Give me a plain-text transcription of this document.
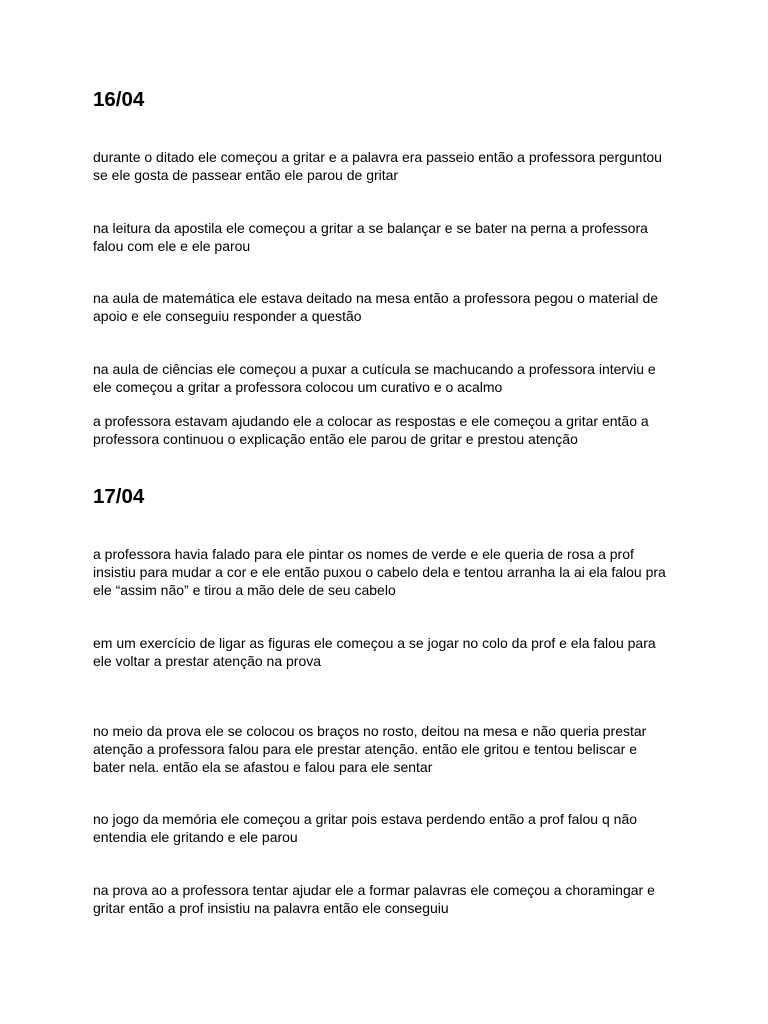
16/04

durante o ditado ele começou a gritar e a palavra era passeio então a professora perguntou
se ele gosta de passear então ele parou de gritar

na leitura da apostila ele começou a gritar a se balançar e se bater na perna a professora
falou com ele e ele parou

na aula de matemática ele estava deitado na mesa então a professora pegou o material de
apoio e ele conseguiu responder a questão

na aula de ciências ele começou a puxar a cutícula se machucando a professora interviu e
ele começou a gritar a professora colocou um curativo e o acalmo

a professora estavam ajudando ele a colocar as respostas e ele começou a gritar então a
professora continuou o explicação então ele parou de gritar e prestou atenção

17/04

a professora havia falado para ele pintar os nomes de verde e ele queria de rosa a prof
insistiu para mudar a cor e ele então puxou o cabelo dela e tentou arranha la ai ela falou pra
ele “assim não” e tirou a mão dele de seu cabelo

em um exercício de ligar as figuras ele começou a se jogar no colo da prof e ela falou para
ele voltar a prestar atenção na prova

no meio da prova ele se colocou os braços no rosto, deitou na mesa e não queria prestar
atenção a professora falou para ele prestar atenção. então ele gritou e tentou beliscar e
bater nela. então ela se afastou e falou para ele sentar

no jogo da memória ele começou a gritar pois estava perdendo então a prof falou q não
entendia ele gritando e ele parou

na prova ao a professora tentar ajudar ele a formar palavras ele começou a choramingar e
gritar então a prof insistiu na palavra então ele conseguiu
